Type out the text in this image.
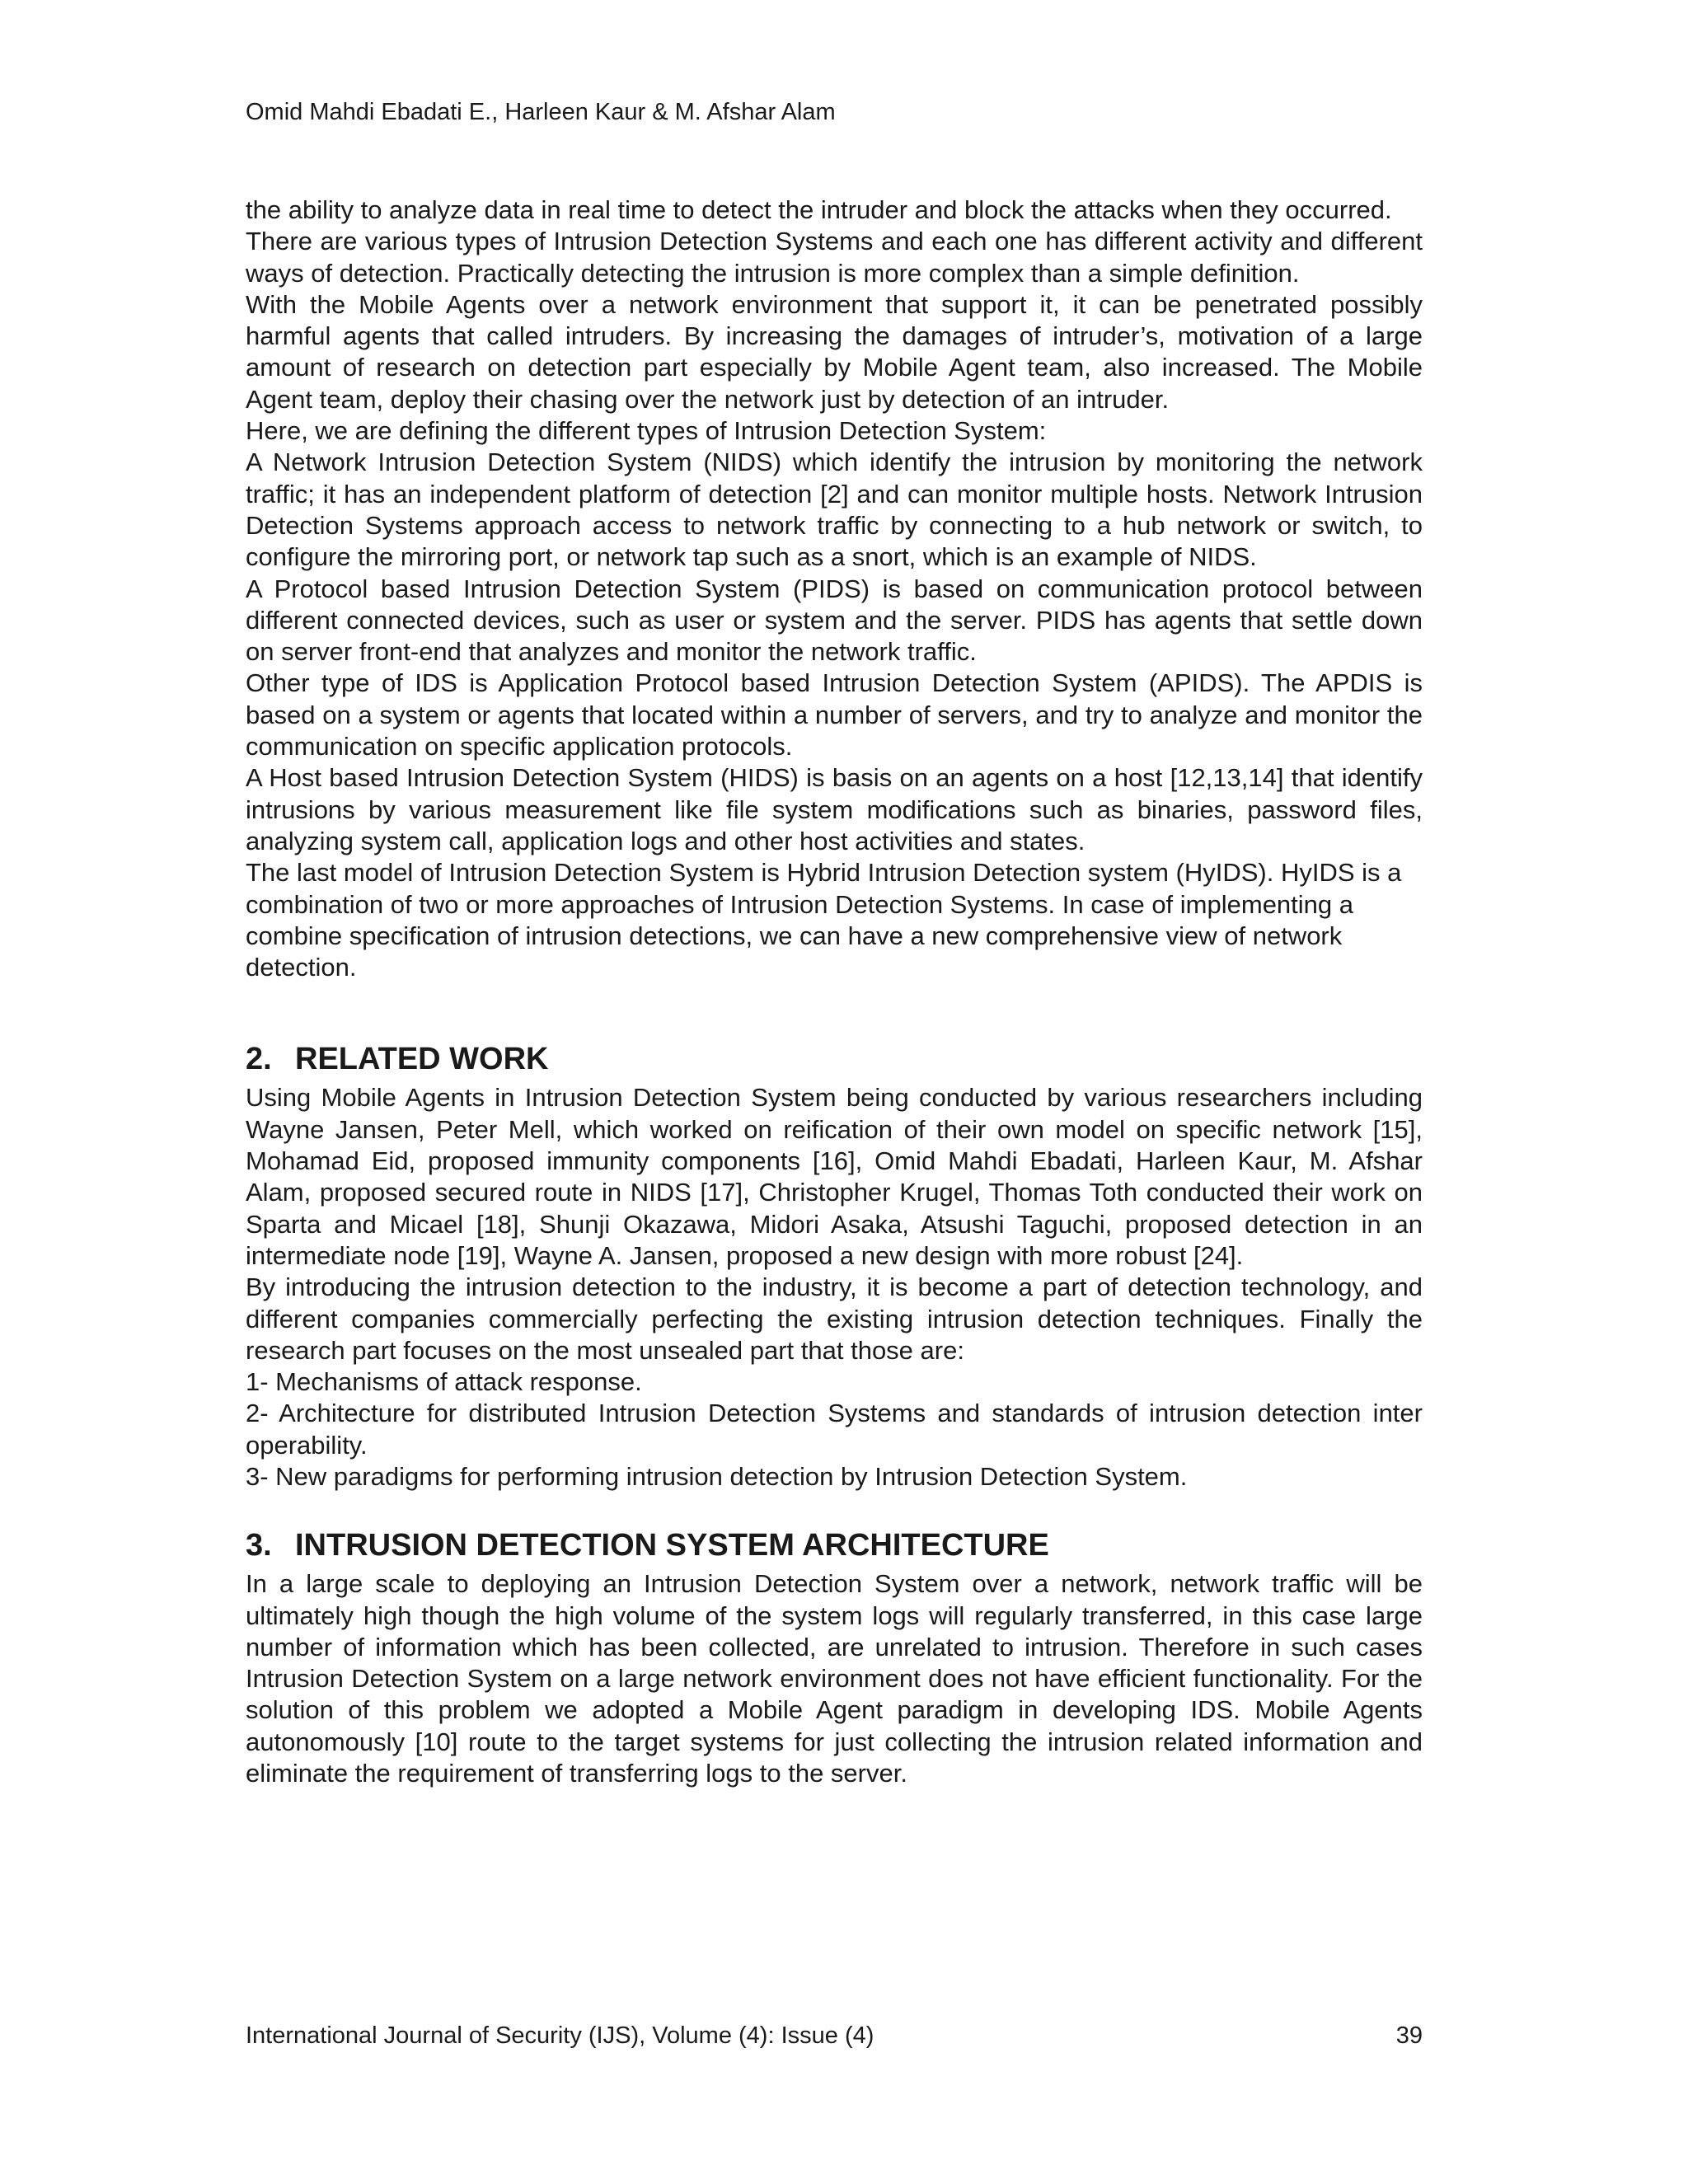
Omid Mahdi Ebadati E., Harleen Kaur & M. Afshar Alam

the ability to analyze data in real time to detect the intruder and block the attacks when they occurred.

There are various types of Intrusion Detection Systems and each one has different activity and different ways of detection. Practically detecting the intrusion is more complex than a simple definition.

With the Mobile Agents over a network environment that support it, it can be penetrated possibly harmful agents that called intruders. By increasing the damages of intruder’s, motivation of a large amount of research on detection part especially by Mobile Agent team, also increased. The Mobile Agent team, deploy their chasing over the network just by detection of an intruder.

Here, we are defining the different types of Intrusion Detection System:

A Network Intrusion Detection System (NIDS) which identify the intrusion by monitoring the network traffic; it has an independent platform of detection [2] and can monitor multiple hosts. Network Intrusion Detection Systems approach access to network traffic by connecting to a hub network or switch, to configure the mirroring port, or network tap such as a snort, which is an example of NIDS.

A Protocol based Intrusion Detection System (PIDS) is based on communication protocol between different connected devices, such as user or system and the server. PIDS has agents that settle down on server front-end that analyzes and monitor the network traffic.

Other type of IDS is Application Protocol based Intrusion Detection System (APIDS). The APDIS is based on a system or agents that located within a number of servers, and try to analyze and monitor the communication on specific application protocols.

A Host based Intrusion Detection System (HIDS) is basis on an agents on a host [12,13,14] that identify intrusions by various measurement like file system modifications such as binaries, password files, analyzing system call, application logs and other host activities and states.

The last model of Intrusion Detection System is Hybrid Intrusion Detection system (HyIDS). HyIDS is a combination of two or more approaches of Intrusion Detection Systems. In case of implementing a combine specification of intrusion detections, we can have a new comprehensive view of network detection.

2. RELATED WORK

Using Mobile Agents in Intrusion Detection System being conducted by various researchers including Wayne Jansen, Peter Mell, which worked on reification of their own model on specific network [15], Mohamad Eid, proposed immunity components [16], Omid Mahdi Ebadati, Harleen Kaur, M. Afshar Alam, proposed secured route in NIDS [17], Christopher Krugel, Thomas Toth conducted their work on Sparta and Micael [18], Shunji Okazawa, Midori Asaka, Atsushi Taguchi, proposed detection in an intermediate node [19], Wayne A. Jansen, proposed a new design with more robust [24].

By introducing the intrusion detection to the industry, it is become a part of detection technology, and different companies commercially perfecting the existing intrusion detection techniques. Finally the research part focuses on the most unsealed part that those are:

1- Mechanisms of attack response.

2- Architecture for distributed Intrusion Detection Systems and standards of intrusion detection inter operability.

3- New paradigms for performing intrusion detection by Intrusion Detection System.

3. INTRUSION DETECTION SYSTEM ARCHITECTURE

In a large scale to deploying an Intrusion Detection System over a network, network traffic will be ultimately high though the high volume of the system logs will regularly transferred, in this case large number of information which has been collected, are unrelated to intrusion. Therefore in such cases Intrusion Detection System on a large network environment does not have efficient functionality. For the solution of this problem we adopted a Mobile Agent paradigm in developing IDS. Mobile Agents autonomously [10] route to the target systems for just collecting the intrusion related information and eliminate the requirement of transferring logs to the server.

International Journal of Security (IJS), Volume (4): Issue (4)	39
